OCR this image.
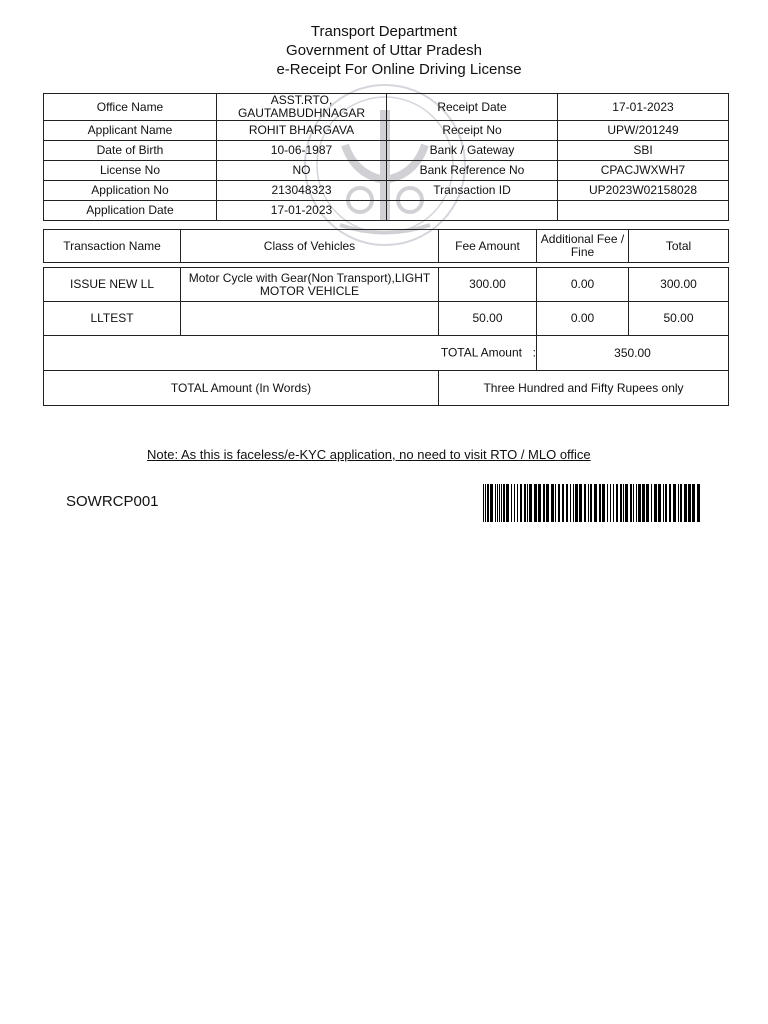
Transport Department
Government of Uttar Pradesh
e-Receipt For Online Driving License
Office Name	ASST.RTO, GAUTAMBUDHNAGAR	Receipt Date	17-01-2023
Applicant Name	ROHIT BHARGAVA	Receipt No	UPW/201249
Date of Birth	10-06-1987	Bank / Gateway	SBI
License No	NO	Bank Reference No	CPACJWXWH7
Application No	213048323	Transaction ID	UP2023W02158028
Application Date	17-01-2023		
Transaction Name	Class of Vehicles	Fee Amount	Additional Fee / Fine	Total

ISSUE NEW LL	Motor Cycle with Gear(Non Transport),LIGHT MOTOR VEHICLE	300.00	0.00	300.00
LLTEST		50.00	0.00	50.00

TOTAL Amount :			350.00	
TOTAL Amount (In Words)		Three Hundred and Fifty Rupees only		
Note: As this is faceless/e-KYC application, no need to visit RTO / MLO office
SOWRCP001
